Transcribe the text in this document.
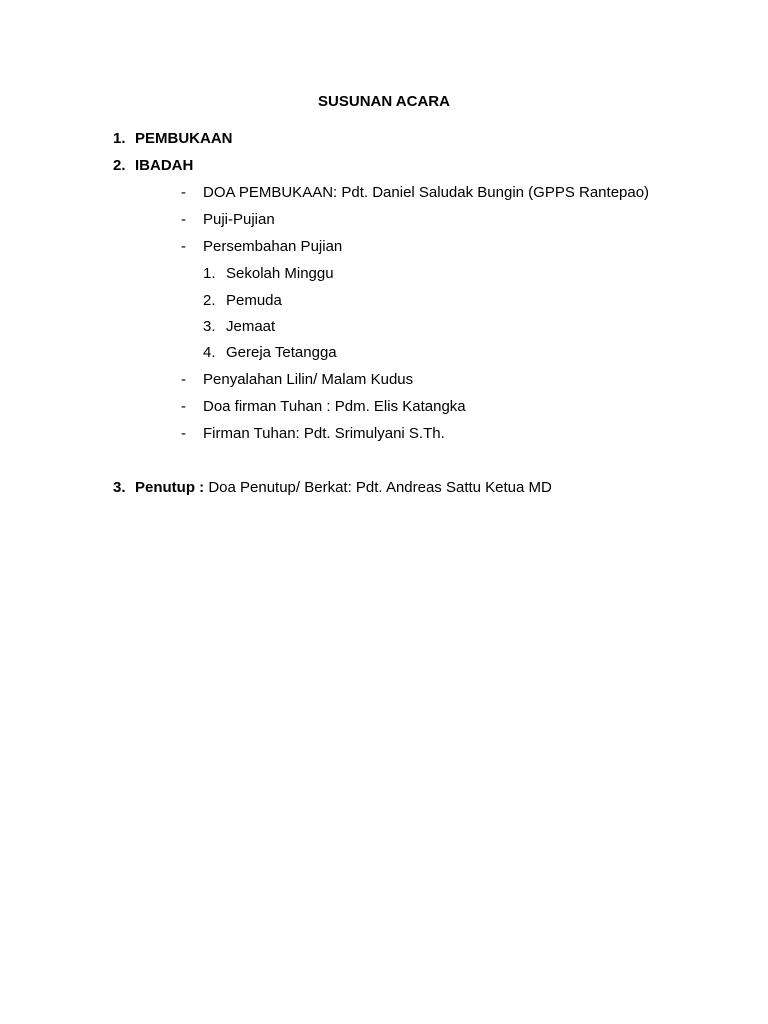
SUSUNAN ACARA
1. PEMBUKAAN
2. IBADAH
- DOA PEMBUKAAN: Pdt. Daniel Saludak Bungin (GPPS Rantepao)
- Puji-Pujian
- Persembahan Pujian
1. Sekolah Minggu
2. Pemuda
3. Jemaat
4. Gereja Tetangga
- Penyalahan Lilin/ Malam Kudus
- Doa firman Tuhan : Pdm. Elis Katangka
- Firman Tuhan: Pdt. Srimulyani S.Th.
3. Penutup : Doa Penutup/ Berkat: Pdt. Andreas Sattu Ketua MD
